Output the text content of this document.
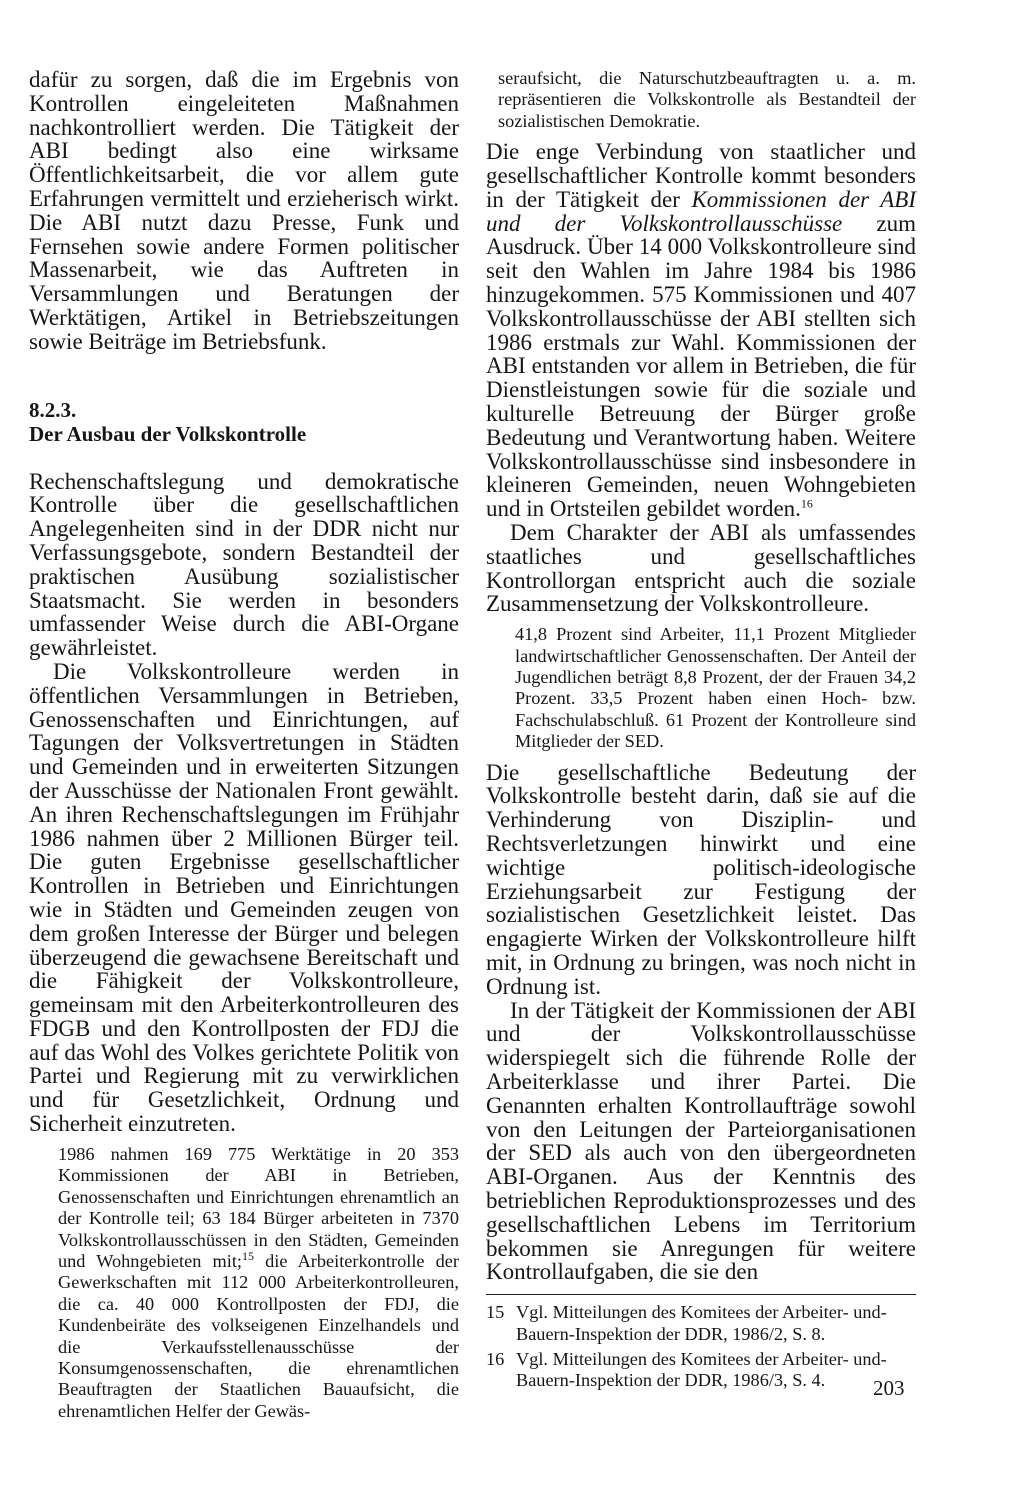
dafür zu sorgen, daß die im Ergebnis von Kontrollen eingeleiteten Maßnahmen nachkontrolliert werden. Die Tätigkeit der ABI bedingt also eine wirksame Öffentlichkeitsarbeit, die vor allem gute Erfahrungen vermittelt und erzieherisch wirkt. Die ABI nutzt dazu Presse, Funk und Fernsehen sowie andere Formen politischer Massenarbeit, wie das Auftreten in Versammlungen und Beratungen der Werktätigen, Artikel in Betriebszeitungen sowie Beiträge im Betriebsfunk.

8.2.3.
Der Ausbau der Volkskontrolle

Rechenschaftslegung und demokratische Kontrolle über die gesellschaftlichen Angelegenheiten sind in der DDR nicht nur Verfassungsgebote, sondern Bestandteil der praktischen Ausübung sozialistischer Staatsmacht. Sie werden in besonders umfassender Weise durch die ABI-Organe gewährleistet.

Die Volkskontrolleure werden in öffentlichen Versammlungen in Betrieben, Genossenschaften und Einrichtungen, auf Tagungen der Volksvertretungen in Städten und Gemeinden und in erweiterten Sitzungen der Ausschüsse der Nationalen Front gewählt. An ihren Rechenschaftslegungen im Frühjahr 1986 nahmen über 2 Millionen Bürger teil. Die guten Ergebnisse gesellschaftlicher Kontrollen in Betrieben und Einrichtungen wie in Städten und Gemeinden zeugen von dem großen Interesse der Bürger und belegen überzeugend die gewachsene Bereitschaft und die Fähigkeit der Volkskontrolleure, gemeinsam mit den Arbeiterkontrolleuren des FDGB und den Kontrollposten der FDJ die auf das Wohl des Volkes gerichtete Politik von Partei und Regierung mit zu verwirklichen und für Gesetzlichkeit, Ordnung und Sicherheit einzutreten.

1986 nahmen 169 775 Werktätige in 20 353 Kommissionen der ABI in Betrieben, Genossenschaften und Einrichtungen ehrenamtlich an der Kontrolle teil; 63 184 Bürger arbeiteten in 7370 Volkskontrollausschüssen in den Städten, Gemeinden und Wohngebieten mit;$^{15}$ die Arbeiterkontrolle der Gewerkschaften mit 112 000 Arbeiterkontrolleuren, die ca. 40 000 Kontrollposten der FDJ, die Kundenbeiräte des volkseigenen Einzelhandels und die Verkaufsstellenausschüsse der Konsumgenossenschaften, die ehrenamtlichen Beauftragten der Staatlichen Bauaufsicht, die ehrenamtlichen Helfer der Gewäs-

seraufsicht, die Naturschutzbeauftragten u. a. m. repräsentieren die Volkskontrolle als Bestandteil der sozialistischen Demokratie.

Die enge Verbindung von staatlicher und gesellschaftlicher Kontrolle kommt besonders in der Tätigkeit der Kommissionen der ABI und der Volkskontrollausschüsse zum Ausdruck. Über 14 000 Volkskontrolleure sind seit den Wahlen im Jahre 1984 bis 1986 hinzugekommen. 575 Kommissionen und 407 Volkskontrollausschüsse der ABI stellten sich 1986 erstmals zur Wahl. Kommissionen der ABI entstanden vor allem in Betrieben, die für Dienstleistungen sowie für die soziale und kulturelle Betreuung der Bürger große Bedeutung und Verantwortung haben. Weitere Volkskontrollausschüsse sind insbesondere in kleineren Gemeinden, neuen Wohngebieten und in Ortsteilen gebildet worden.$^{16}$

Dem Charakter der ABI als umfassendes staatliches und gesellschaftliches Kontrollorgan entspricht auch die soziale Zusammensetzung der Volkskontrolleure.

41,8 Prozent sind Arbeiter, 11,1 Prozent Mitglieder landwirtschaftlicher Genossenschaften. Der Anteil der Jugendlichen beträgt 8,8 Prozent, der der Frauen 34,2 Prozent. 33,5 Prozent haben einen Hoch- bzw. Fachschulabschluß. 61 Prozent der Kontrolleure sind Mitglieder der SED.

Die gesellschaftliche Bedeutung der Volkskontrolle besteht darin, daß sie auf die Verhinderung von Disziplin- und Rechtsverletzungen hinwirkt und eine wichtige politisch-ideologische Erziehungsarbeit zur Festigung der sozialistischen Gesetzlichkeit leistet. Das engagierte Wirken der Volkskontrolleure hilft mit, in Ordnung zu bringen, was noch nicht in Ordnung ist.

In der Tätigkeit der Kommissionen der ABI und der Volkskontrollausschüsse widerspiegelt sich die führende Rolle der Arbeiterklasse und ihrer Partei. Die Genannten erhalten Kontrollaufträge sowohl von den Leitungen der Parteiorganisationen der SED als auch von den übergeordneten ABI-Organen. Aus der Kenntnis des betrieblichen Reproduktionsprozesses und des gesellschaftlichen Lebens im Territorium bekommen sie Anregungen für weitere Kontrollaufgaben, die sie den

15 Vgl. Mitteilungen des Komitees der Arbeiter- und-Bauern-Inspektion der DDR, 1986/2, S. 8.
16 Vgl. Mitteilungen des Komitees der Arbeiter- und-Bauern-Inspektion der DDR, 1986/3, S. 4.	203
